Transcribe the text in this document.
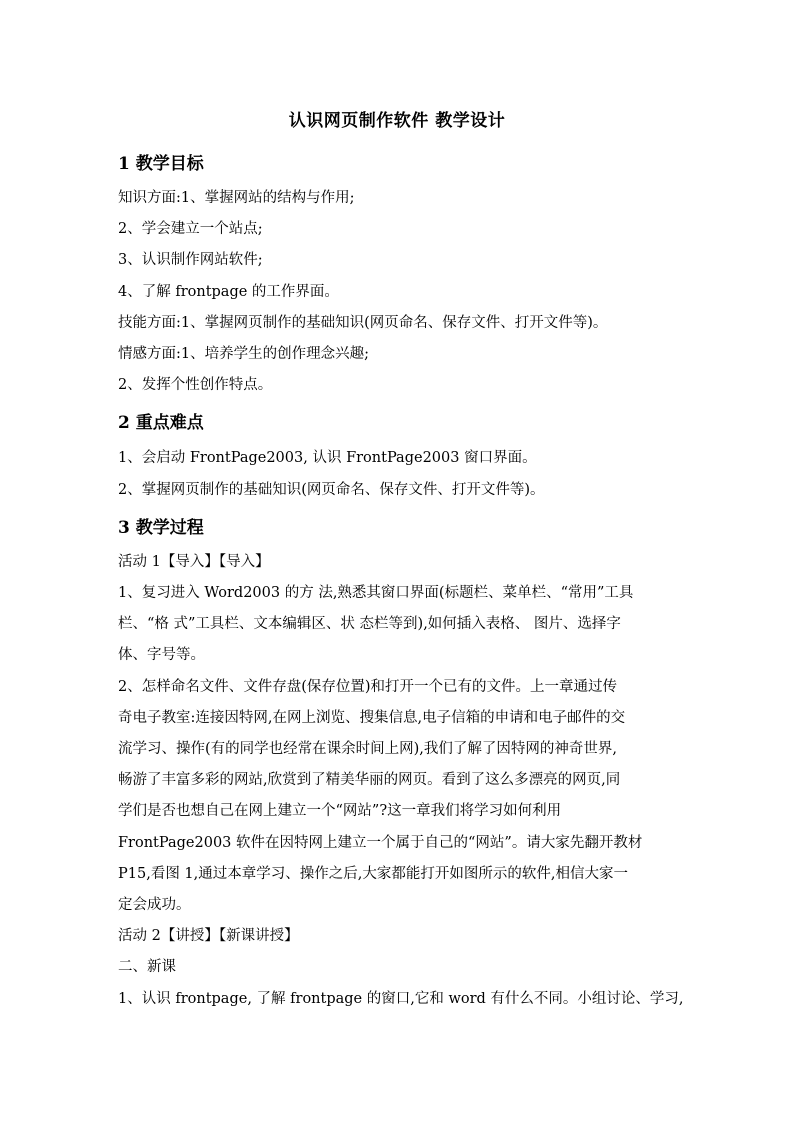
认识网页制作软件 教学设计
1 教学目标
知识方面:1、掌握网站的结构与作用;
2、学会建立一个站点;
3、认识制作网站软件;
4、了解 frontpage 的工作界面。
技能方面:1、掌握网页制作的基础知识(网页命名、保存文件、打开文件等)。
情感方面:1、培养学生的创作理念兴趣;
2、发挥个性创作特点。
2 重点难点
1、会启动 FrontPage2003, 认识 FrontPage2003 窗口界面。
2、掌握网页制作的基础知识(网页命名、保存文件、打开文件等)。
3 教学过程
活动 1【导入】【导入】
1、复习进入 Word2003 的方 法,熟悉其窗口界面(标题栏、菜单栏、“常用”工具
栏、“格 式”工具栏、文本编辑区、状 态栏等到),如何插入表格、 图片、选择字
体、字号等。
2、怎样命名文件、文件存盘(保存位置)和打开一个已有的文件。上一章通过传
奇电子教室:连接因特网,在网上浏览、搜集信息,电子信箱的申请和电子邮件的交
流学习、操作(有的同学也经常在课余时间上网),我们了解了因特网的神奇世界,
畅游了丰富多彩的网站,欣赏到了精美华丽的网页。看到了这么多漂亮的网页,同
学们是否也想自己在网上建立一个“网站”?这一章我们将学习如何利用
FrontPage2003 软件在因特网上建立一个属于自己的“网站”。请大家先翻开教材
P15,看图 1,通过本章学习、操作之后,大家都能打开如图所示的软件,相信大家一
定会成功。
活动 2【讲授】【新课讲授】
二、新课
1、认识 frontpage, 了解 frontpage 的窗口,它和 word 有什么不同。小组讨论、学习,
